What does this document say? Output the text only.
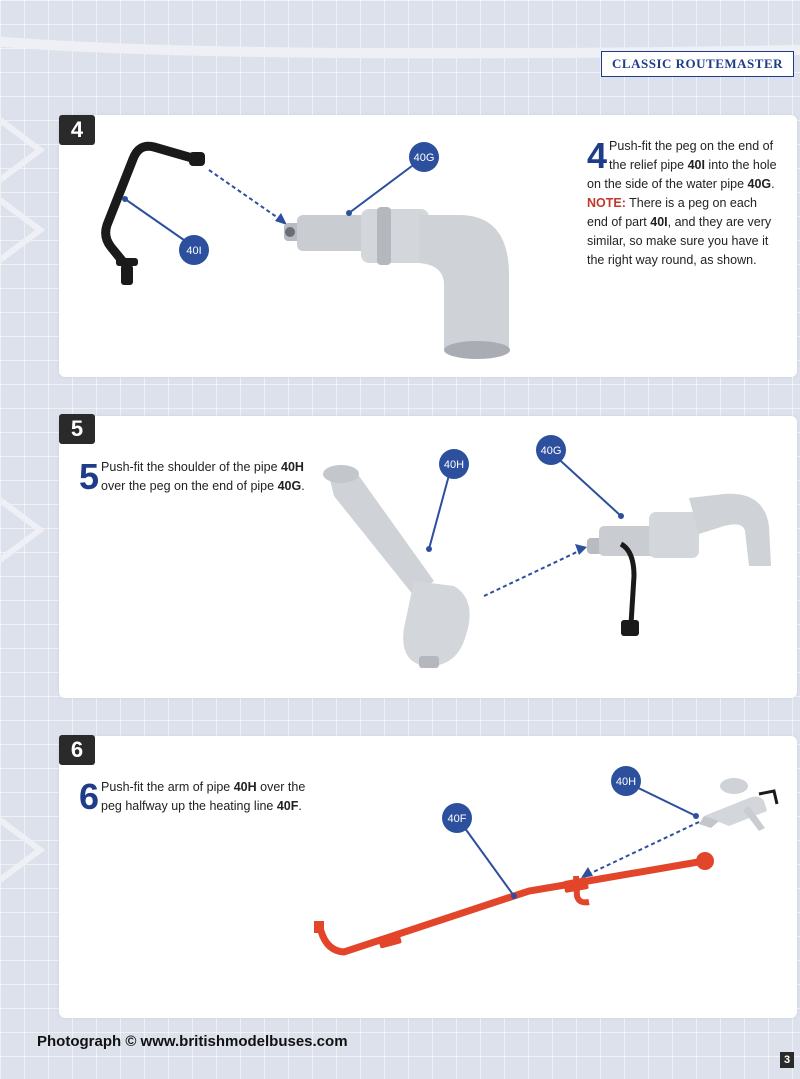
CLASSIC ROUTEMASTER
40G
40I
4 Push-fit the peg on the end of the relief pipe 40I into the hole on the side of the water pipe 40G. NOTE: There is a peg on each end of part 40I, and they are very similar, so make sure you have it the right way round, as shown.
4
40H
40G
5 Push-fit the shoulder of the pipe 40H over the peg on the end of pipe 40G.
5
40F
40H
6 Push-fit the arm of pipe 40H over the peg halfway up the heating line 40F.
6
Photograph © www.britishmodelbuses.com
3
